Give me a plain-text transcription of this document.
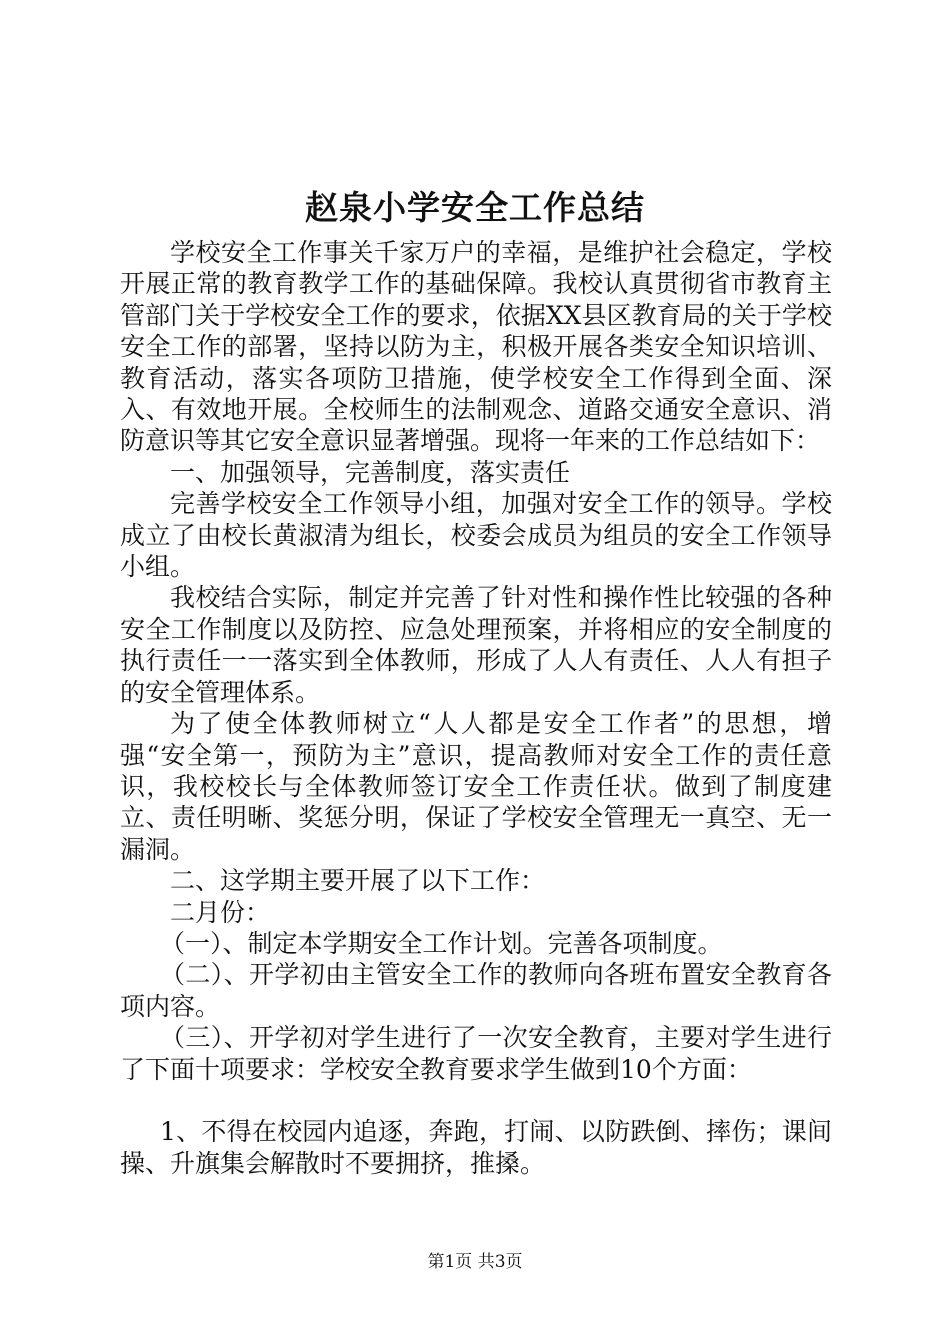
赵泉小学安全工作总结

学校安全工作事关千家万户的幸福，是维护社会稳定，学校开展正常的教育教学工作的基础保障。我校认真贯彻省市教育主管部门关于学校安全工作的要求，依据XX县区教育局的关于学校安全工作的部署，坚持以防为主，积极开展各类安全知识培训、教育活动，落实各项防卫措施，使学校安全工作得到全面、深入、有效地开展。全校师生的法制观念、道路交通安全意识、消防意识等其它安全意识显著增强。现将一年来的工作总结如下：

一、加强领导，完善制度，落实责任

完善学校安全工作领导小组，加强对安全工作的领导。学校成立了由校长黄淑清为组长，校委会成员为组员的安全工作领导小组。

我校结合实际，制定并完善了针对性和操作性比较强的各种安全工作制度以及防控、应急处理预案，并将相应的安全制度的执行责任一一落实到全体教师，形成了人人有责任、人人有担子的安全管理体系。

为了使全体教师树立“人人都是安全工作者”的思想，增强“安全第一，预防为主”意识，提高教师对安全工作的责任意识，我校校长与全体教师签订安全工作责任状。做到了制度建立、责任明晰、奖惩分明，保证了学校安全管理无一真空、无一漏洞。

二、这学期主要开展了以下工作：

二月份：

（一）、制定本学期安全工作计划。完善各项制度。

（二）、开学初由主管安全工作的教师向各班布置安全教育各项内容。

（三）、开学初对学生进行了一次安全教育，主要对学生进行了下面十项要求：学校安全教育要求学生做到10个方面：

1、不得在校园内追逐，奔跑，打闹、以防跌倒、摔伤；课间操、升旗集会解散时不要拥挤，推搡。

第1页 共3页
